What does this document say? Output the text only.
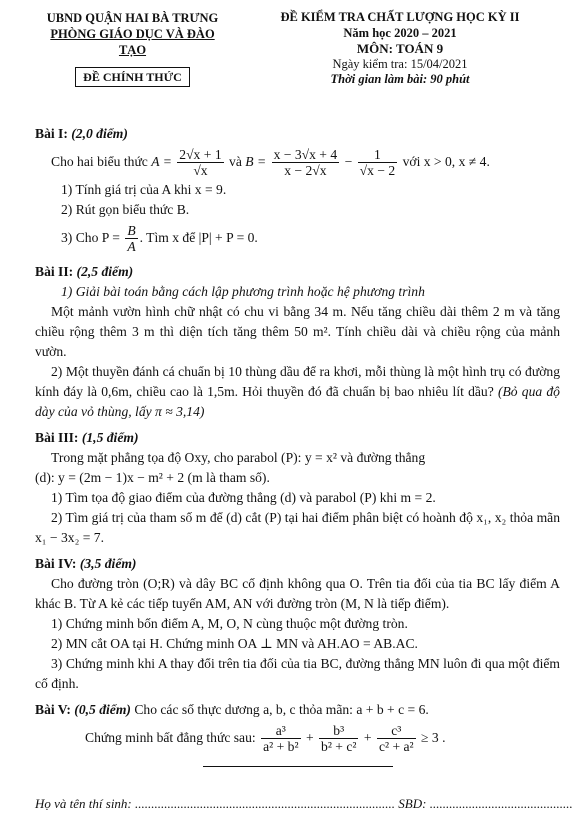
UBND QUẬN HAI BÀ TRƯNG
PHÒNG GIÁO DỤC VÀ ĐÀO TẠO
ĐỀ CHÍNH THỨC
ĐỀ KIỂM TRA CHẤT LƯỢNG HỌC KỲ II
Năm học 2020 – 2021
MÔN: TOÁN 9
Ngày kiểm tra: 15/04/2021
Thời gian làm bài: 90 phút
Bài I: (2,0 điểm)
Cho hai biểu thức $A = \frac{2√x + 1}{√x}$ và $B = \frac{x - 3√x + 4}{x - 2√x} - \frac{1}{√x - 2}$ với x > 0, x ≠ 4.
1) Tính giá trị của A khi x = 9.
2) Rút gọn biểu thức B.
3) Cho $P = \frac{B}{A}$ . Tìm x để |P| + P = 0.
Bài II: (2,5 điểm)
1) Giải bài toán bằng cách lập phương trình hoặc hệ phương trình
Một mảnh vườn hình chữ nhật có chu vi bằng 34 m. Nếu tăng chiều dài thêm 2 m và tăng chiều rộng thêm 3 m thì diện tích tăng thêm 50 m². Tính chiều dài và chiều rộng của mảnh vườn.
2) Một thuyền đánh cá chuẩn bị 10 thùng dầu để ra khơi, mỗi thùng là một hình trụ có đường kính đáy là 0,6m, chiều cao là 1,5m. Hỏi thuyền đó đã chuẩn bị bao nhiêu lít dầu? (Bỏ qua độ dày của vỏ thùng, lấy π ≈ 3,14)
Bài III: (1,5 điểm)
Trong mặt phẳng tọa độ Oxy, cho parabol (P): y = x² và đường thẳng
(d): y = (2m − 1)x − m² + 2 (m là tham số).
1) Tìm tọa độ giao điểm của đường thẳng (d) và parabol (P) khi m = 2.
2) Tìm giá trị của tham số m để (d) cắt (P) tại hai điểm phân biệt có hoành độ x₁, x₂ thỏa mãn x₁ − 3x₂ = 7.
Bài IV: (3,5 điểm)
Cho đường tròn (O;R) và dây BC cố định không qua O. Trên tia đối của tia BC lấy điểm A khác B. Từ A kẻ các tiếp tuyến AM, AN với đường tròn (M, N là tiếp điểm).
1) Chứng minh bốn điểm A, M, O, N cùng thuộc một đường tròn.
2) MN cắt OA tại H. Chứng minh OA ⊥ MN và AH.AO = AB.AC.
3) Chứng minh khi A thay đổi trên tia đối của tia BC, đường thẳng MN luôn đi qua một điểm cố định.
Bài V: (0,5 điểm) Cho các số thực dương a, b, c thỏa mãn: a + b + c = 6.
Chứng minh bất đẳng thức sau: $\frac{\text{a³}}{\text{a² + b²}} + \frac{\text{b³}}{\text{b² + c²}} + \frac{\text{c³}}{\text{c² + a²}} \ge 3$ .
Họ và tên thí sinh: ................................................................................ SBD: ............................................
